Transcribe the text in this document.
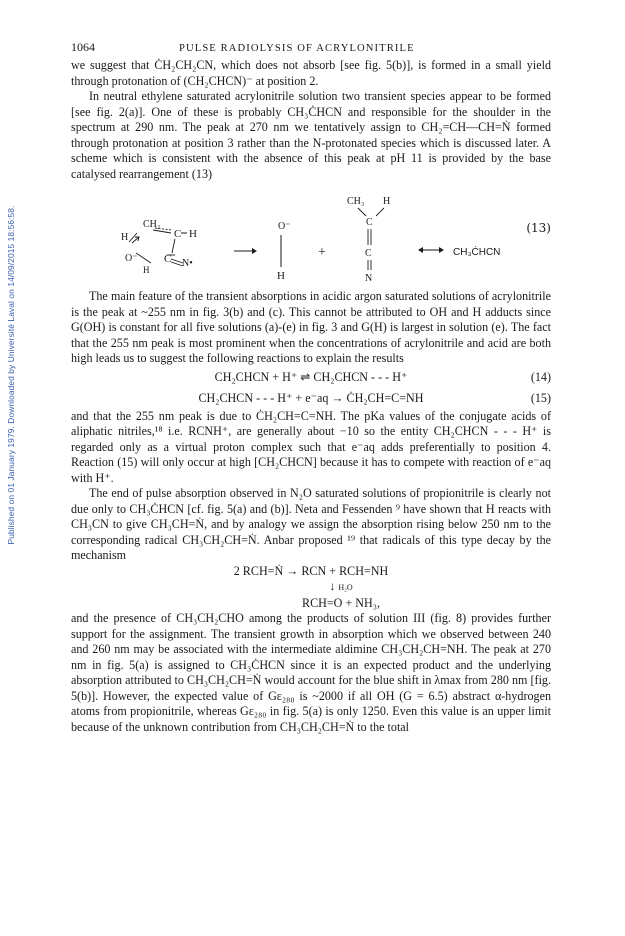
Published on 01 January 1979. Downloaded by Université Laval on 14/09/2015 18:56:58.
1064	PULSE RADIOLYSIS OF ACRYLONITRILE

we suggest that ĊH₂CH₂CN, which does not absorb [see fig. 5(b)], is formed in a small yield through protonation of (CH₂CHCN)⁻ at position 2.

In neutral ethylene saturated acrylonitrile solution two transient species appear to be formed [see fig. 2(a)]. One of these is probably CH₃ĊHCN and responsible for the shoulder in the spectrum at 290 nm. The peak at 270 nm we tentatively assign to CH₂=CH—CH=Ṅ formed through protonation at position 3 rather than the N-protonated species which is discussed later. A scheme which is consistent with the absence of this peak at pH 11 is provided by the base catalysed rearrangement (13)

CH₂
C H
H
O⁻
H
C N•
O⁻
H
+
CH₃ H
C
C
N
CH₃ĊHCN
(13)

The main feature of the transient absorptions in acidic argon saturated solutions of acrylonitrile is the peak at ~255 nm in fig. 3(b) and (c). This cannot be attributed to OH and H adducts since G(OH) is constant for all five solutions (a)-(e) in fig. 3 and G(H) is largest in solution (e). The fact that the 255 nm peak is most prominent when the concentrations of acrylonitrile and acid are both high leads us to suggest the following reactions to explain the results

CH₂CHCN + H⁺ ⇌ CH₂CHCN - - - H⁺	(14)
CH₂CHCN - - - H⁺ + e⁻aq → ĊH₂CH=C=NH	(15)

and that the 255 nm peak is due to ĊH₂CH=C=NH. The pKa values of the conjugate acids of aliphatic nitriles,¹⁸ i.e. RCNH⁺, are generally about −10 so the entity CH₂CHCN - - - H⁺ is regarded only as a virtual proton complex such that e⁻aq adds preferentially to position 4. Reaction (15) will only occur at high [CH₂CHCN] because it has to compete with reaction of e⁻aq with H⁺.

The end of pulse absorption observed in N₂O saturated solutions of propionitrile is clearly not due only to CH₃ĊHCN [cf. fig. 5(a) and (b)]. Neta and Fessenden ⁹ have shown that H reacts with CH₃CN to give CH₃CH=Ṅ, and by analogy we assign the absorption rising below 250 nm to the corresponding radical CH₃CH₂CH=Ṅ. Anbar proposed ¹⁹ that radicals of this type decay by the mechanism

2 RCH=Ṅ → RCN + RCH=NH
↓ H₂O
RCH=O + NH₃,

and the presence of CH₃CH₂CHO among the products of solution III (fig. 8) provides further support for the assignment. The transient growth in absorption which we observed between 240 and 260 nm may be associated with the intermediate aldimine CH₃CH₂CH=NH. The peak at 270 nm in fig. 5(a) is assigned to CH₃ĊHCN since it is an expected product and the underlying absorption attributed to CH₃CH₂CH=Ṅ would account for the blue shift in λmax from 280 nm [fig. 5(b)]. However, the expected value of Gε₂₈₀ is ~2000 if all OH (G = 6.5) abstract α-hydrogen atoms from propionitrile, whereas Gε₂₈₀ in fig. 5(a) is only 1250. Even this value is an upper limit because of the unknown contribution from CH₃CH₂CH=Ṅ to the total
